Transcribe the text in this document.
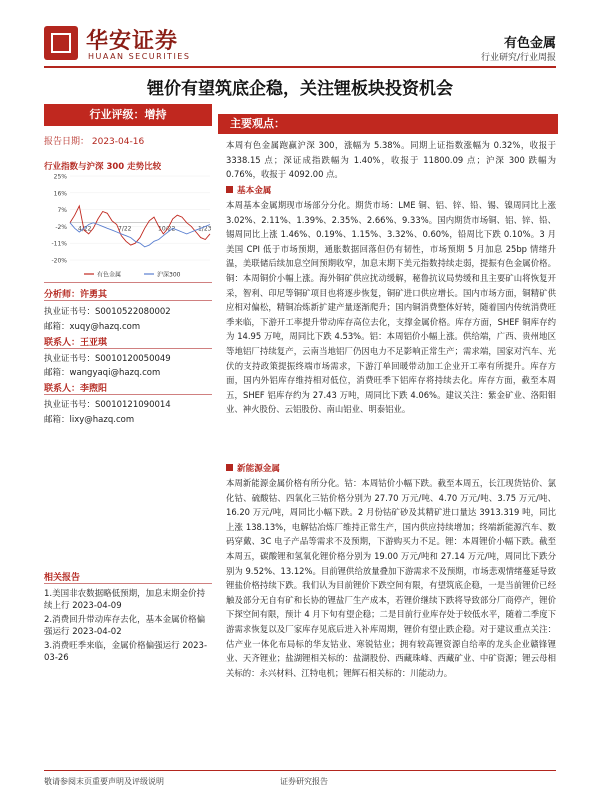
华安证券
HUAAN SECURITIES
有色金属
行业研究/行业周报
锂价有望筑底企稳，关注锂板块投资机会
行业评级：增持
报告日期： 2023-04-16
行业指数与沪深 300 走势比较
25%
16%
7%
-2%
-11%
-20%
4/22	7/22	10/22	1/23
有色金属	沪深300
分析师：许勇其
执业证书号：S0010522080002
邮箱：xuqy@hazq.com
联系人：王亚琪
执业证书号：S0010120050049
邮箱：wangyaqi@hazq.com
联系人：李煦阳
执业证书号：S0010121090014
邮箱：lixy@hazq.com
相关报告
1.美国非农数据略低预期，加息末期金价持续上行 2023-04-09
2.消费回升带动库存去化，基本金属价格偏强运行 2023-04-02
3.消费旺季来临，金属价格偏强运行 2023-03-26
主要观点：
本周有色金属跑赢沪深 300，涨幅为 5.38%。同期上证指数涨幅为 0.32%，收报于 3338.15 点；深证成指跌幅为 1.40%，收报于 11800.09 点；沪深 300 跌幅为 0.76%，收报于 4092.00 点。
基本金属
本周基本金属期现市场部分分化。期货市场：LME 铜、铝、锌、铅、锡、镍周同比上涨 3.02%、2.11%、1.39%、2.35%、2.66%、9.33%。国内期货市场铜、铝、锌、铅、锡周同比上涨 1.46%、0.19%、1.15%、3.32%、0.60%，铅周比下跌 0.10%。3 月美国 CPI 低于市场预期，通胀数据回落但仍有韧性，市场预期 5 月加息 25bp 情绪升温，美联储后续加息空间预期收窄，加息末期下美元指数持续走弱，提振有色金属价格。铜：本周铜价小幅上涨。海外铜矿供应扰动缓解，秘鲁抗议局势缓和且主要矿山将恢复开采，智利、印尼等铜矿项目也将逐步恢复，铜矿进口供应增长。国内市场方面，铜精矿供应相对偏松，精铜冶炼新扩建产量逐渐爬升；国内铜消费整体好转，随着国内传统消费旺季来临，下游开工率提升带动库存高位去化，支撑金属价格。库存方面，SHEF 铜库存约为 14.95 万吨，周同比下跌 4.53%。铝：本周铝价小幅上涨。供给端，广西、贵州地区等地铝厂持续复产，云南当地铝厂仍因电力不足影响正常生产；需求端，国家对汽车、光伏的支持政策提振终端市场需求，下游汀单回暖带动加工企业开工率有所提升。库存方面，国内外铝库存维持相对低位，消费旺季下铝库存将持续去化。库存方面，截至本周五，SHEF 铝库存约为 27.43 万吨，周同比下跌 4.06%。建议关注：紫金矿业、洛阳钼业、神火股份、云铝股份、南山铝业、明泰铝业。
新能源金属
本周新能源金属价格有所分化。钴：本周钴价小幅下跌。截至本周五，长江现货钴价、氯化钴、硫酸钴、四氧化三钴价格分别为 27.70 万元/吨、4.70 万元/吨、3.75 万元/吨、16.20 万元/吨，周同比小幅下跌。2 月份钴矿砂及其精矿进口量达 3913.319 吨，同比上涨 138.13%，电解钴冶炼厂维持正常生产，国内供应持续增加；终端新能源汽车、数码穿戴、3C 电子产品等需求不及预期，下游购买力不足。锂：本周锂价小幅下跌。截至本周五，碳酸锂和氢氧化锂价格分别为 19.00 万元/吨和 27.14 万元/吨，周同比下跌分别为 9.52%、13.12%。目前锂供给放量叠加下游需求不及预期，市场悲观情绪蔓延导致锂盐价格持续下跌。我们认为目前锂价下跌空间有限，有望筑底企稳，一是当前锂价已经触及部分无自有矿和长协的锂盐厂生产成本，若锂价继续下跌将导致部分厂商停产，锂价下探空间有限，预计 4 月下旬有望企稳；二是目前行业库存处于较低水平，随着二季度下游需求恢复以及厂家库存见底后进入补库周期，锂价有望止跌企稳。对于建议重点关注：估产业一体化布局标的华友钴业、寒锐钴业；拥有较高锂资源自给率的龙头企业赣锋锂业、天齐锂业；盐湖锂相关标的：盐湖股份、西藏珠峰、西藏矿业、中矿资源；锂云母相关标的：永兴材料、江特电机；锂辉石相关标的：川能动力。
敬请参阅末页重要声明及评级说明	证券研究报告
